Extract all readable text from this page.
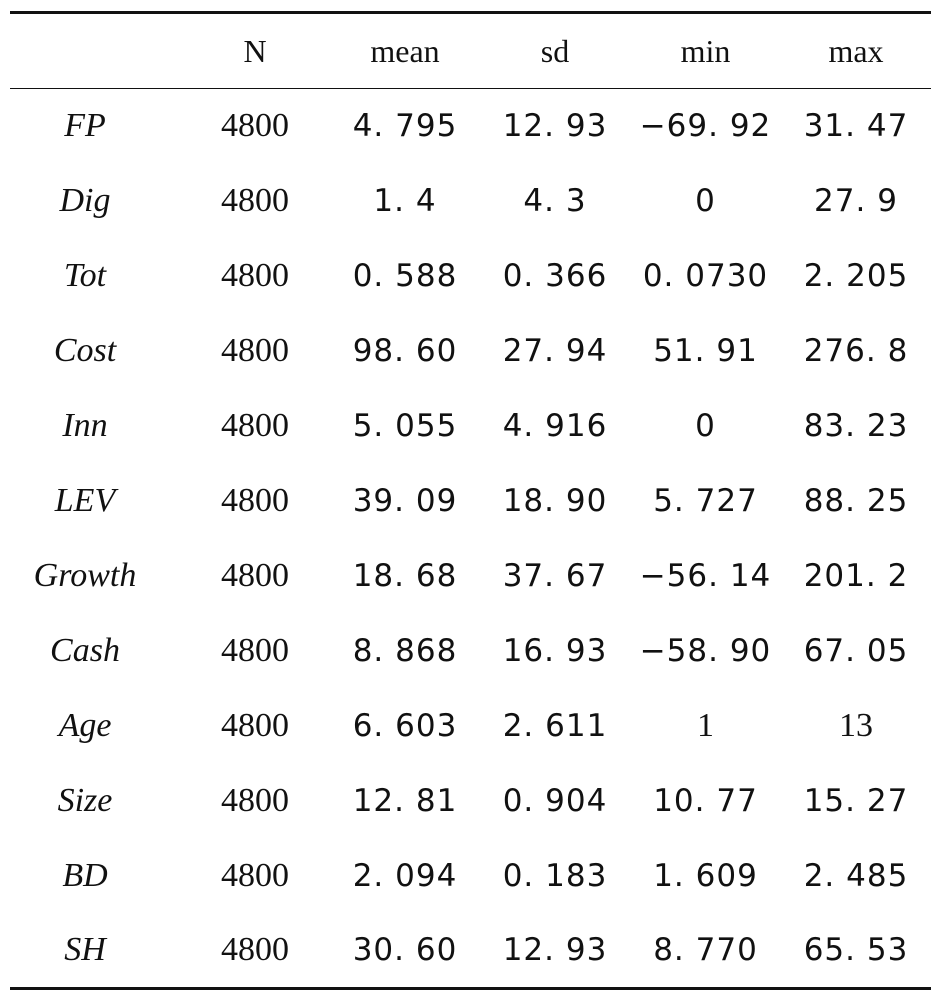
	N	mean	sd	min	max
FP	4800	4. 795	12. 93	−69. 92	31. 47
Dig	4800	1. 4	4. 3	0	27. 9
Tot	4800	0. 588	0. 366	0. 0730	2. 205
Cost	4800	98. 60	27. 94	51. 91	276. 8
Inn	4800	5. 055	4. 916	0	83. 23
LEV	4800	39. 09	18. 90	5. 727	88. 25
Growth	4800	18. 68	37. 67	−56. 14	201. 2
Cash	4800	8. 868	16. 93	−58. 90	67. 05
Age	4800	6. 603	2. 611	1	13
Size	4800	12. 81	0. 904	10. 77	15. 27
BD	4800	2. 094	0. 183	1. 609	2. 485
SH	4800	30. 60	12. 93	8. 770	65. 53
